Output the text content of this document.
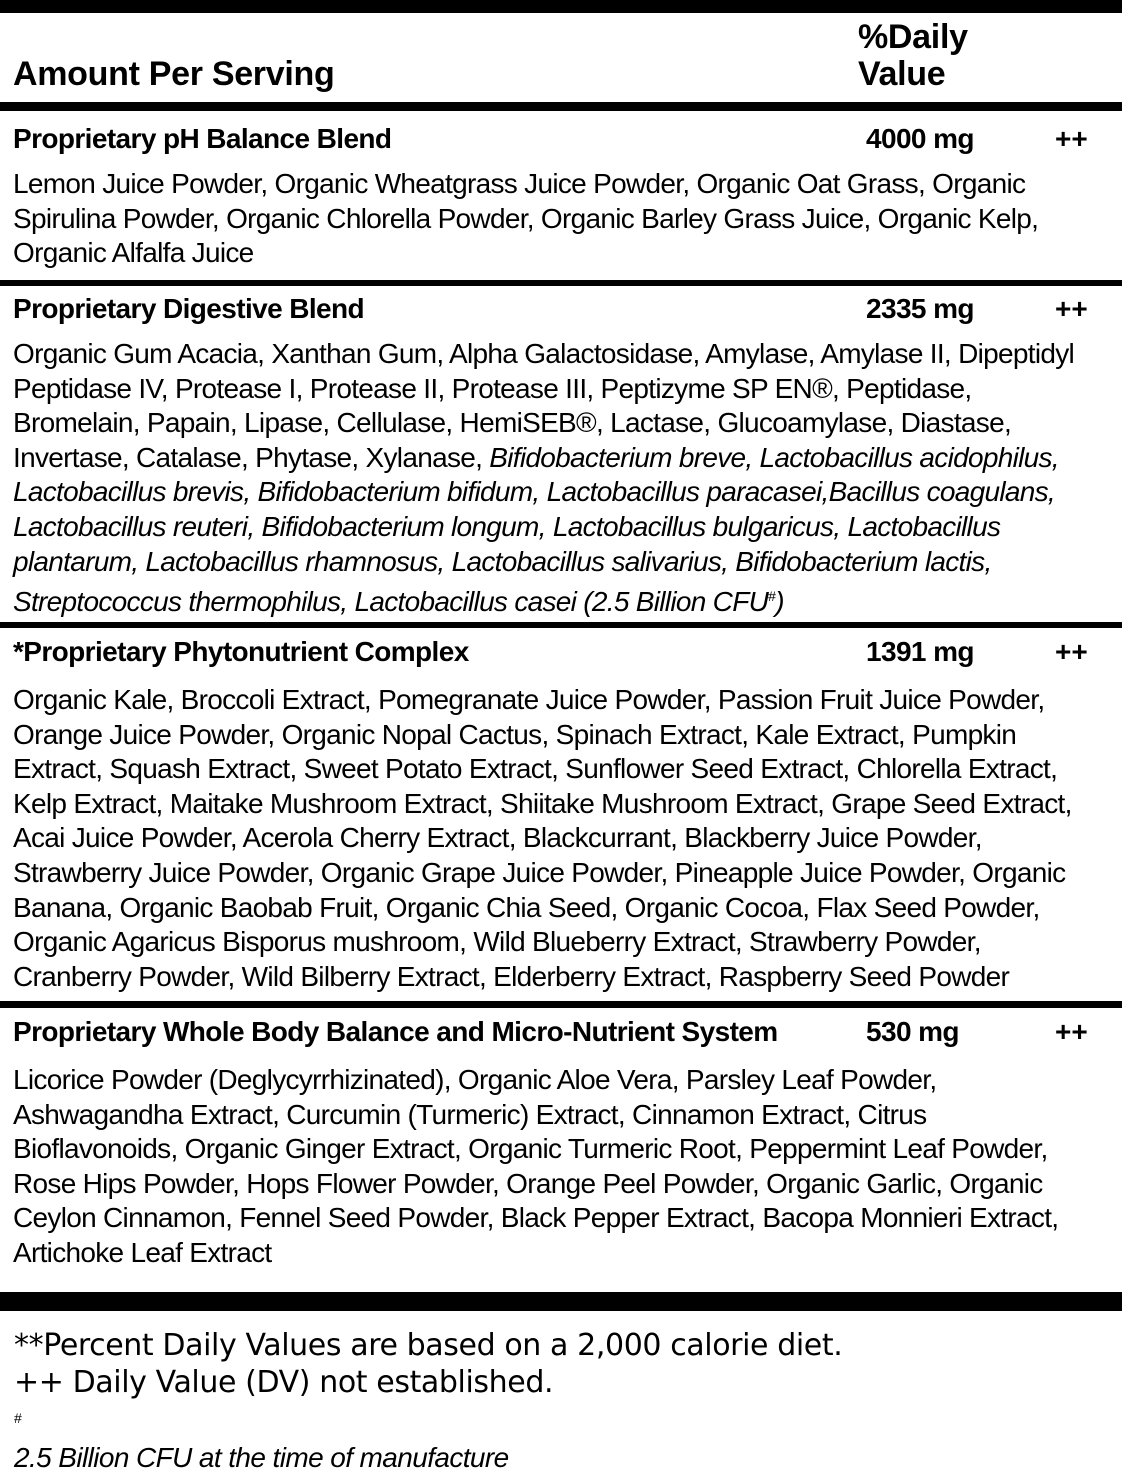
Amount Per Serving
%Daily
Value
Proprietary pH Balance Blend	4000 mg	++
Lemon Juice Powder, Organic Wheatgrass Juice Powder, Organic Oat Grass, Organic
Spirulina Powder, Organic Chlorella Powder, Organic Barley Grass Juice, Organic Kelp,
Organic Alfalfa Juice
Proprietary Digestive Blend	2335 mg	++
Organic Gum Acacia, Xanthan Gum, Alpha Galactosidase, Amylase, Amylase II, Dipeptidyl
Peptidase IV, Protease I, Protease II, Protease III, Peptizyme SP EN®, Peptidase,
Bromelain, Papain, Lipase, Cellulase, HemiSEB®, Lactase, Glucoamylase, Diastase,
Invertase, Catalase, Phytase, Xylanase, Bifidobacterium breve, Lactobacillus acidophilus,
Lactobacillus brevis, Bifidobacterium bifidum, Lactobacillus paracasei,Bacillus coagulans,
Lactobacillus reuteri, Bifidobacterium longum, Lactobacillus bulgaricus, Lactobacillus
plantarum, Lactobacillus rhamnosus, Lactobacillus salivarius, Bifidobacterium lactis,
Streptococcus thermophilus, Lactobacillus casei (2.5 Billion CFU#)
*Proprietary Phytonutrient Complex	1391 mg	++
Organic Kale, Broccoli Extract, Pomegranate Juice Powder, Passion Fruit Juice Powder,
Orange Juice Powder, Organic Nopal Cactus, Spinach Extract, Kale Extract, Pumpkin
Extract, Squash Extract, Sweet Potato Extract, Sunflower Seed Extract, Chlorella Extract,
Kelp Extract, Maitake Mushroom Extract, Shiitake Mushroom Extract, Grape Seed Extract,
Acai Juice Powder, Acerola Cherry Extract, Blackcurrant, Blackberry Juice Powder,
Strawberry Juice Powder, Organic Grape Juice Powder, Pineapple Juice Powder, Organic
Banana, Organic Baobab Fruit, Organic Chia Seed, Organic Cocoa, Flax Seed Powder,
Organic Agaricus Bisporus mushroom, Wild Blueberry Extract, Strawberry Powder,
Cranberry Powder, Wild Bilberry Extract, Elderberry Extract, Raspberry Seed Powder
Proprietary Whole Body Balance and Micro-Nutrient System	530 mg	++
Licorice Powder (Deglycyrrhizinated), Organic Aloe Vera, Parsley Leaf Powder,
Ashwagandha Extract, Curcumin (Turmeric) Extract, Cinnamon Extract, Citrus
Bioflavonoids, Organic Ginger Extract, Organic Turmeric Root, Peppermint Leaf Powder,
Rose Hips Powder, Hops Flower Powder, Orange Peel Powder, Organic Garlic, Organic
Ceylon Cinnamon, Fennel Seed Powder, Black Pepper Extract, Bacopa Monnieri Extract,
Artichoke Leaf Extract
**Percent Daily Values are based on a 2,000 calorie diet.
++ Daily Value (DV) not established.
#
2.5 Billion CFU at the time of manufacture
